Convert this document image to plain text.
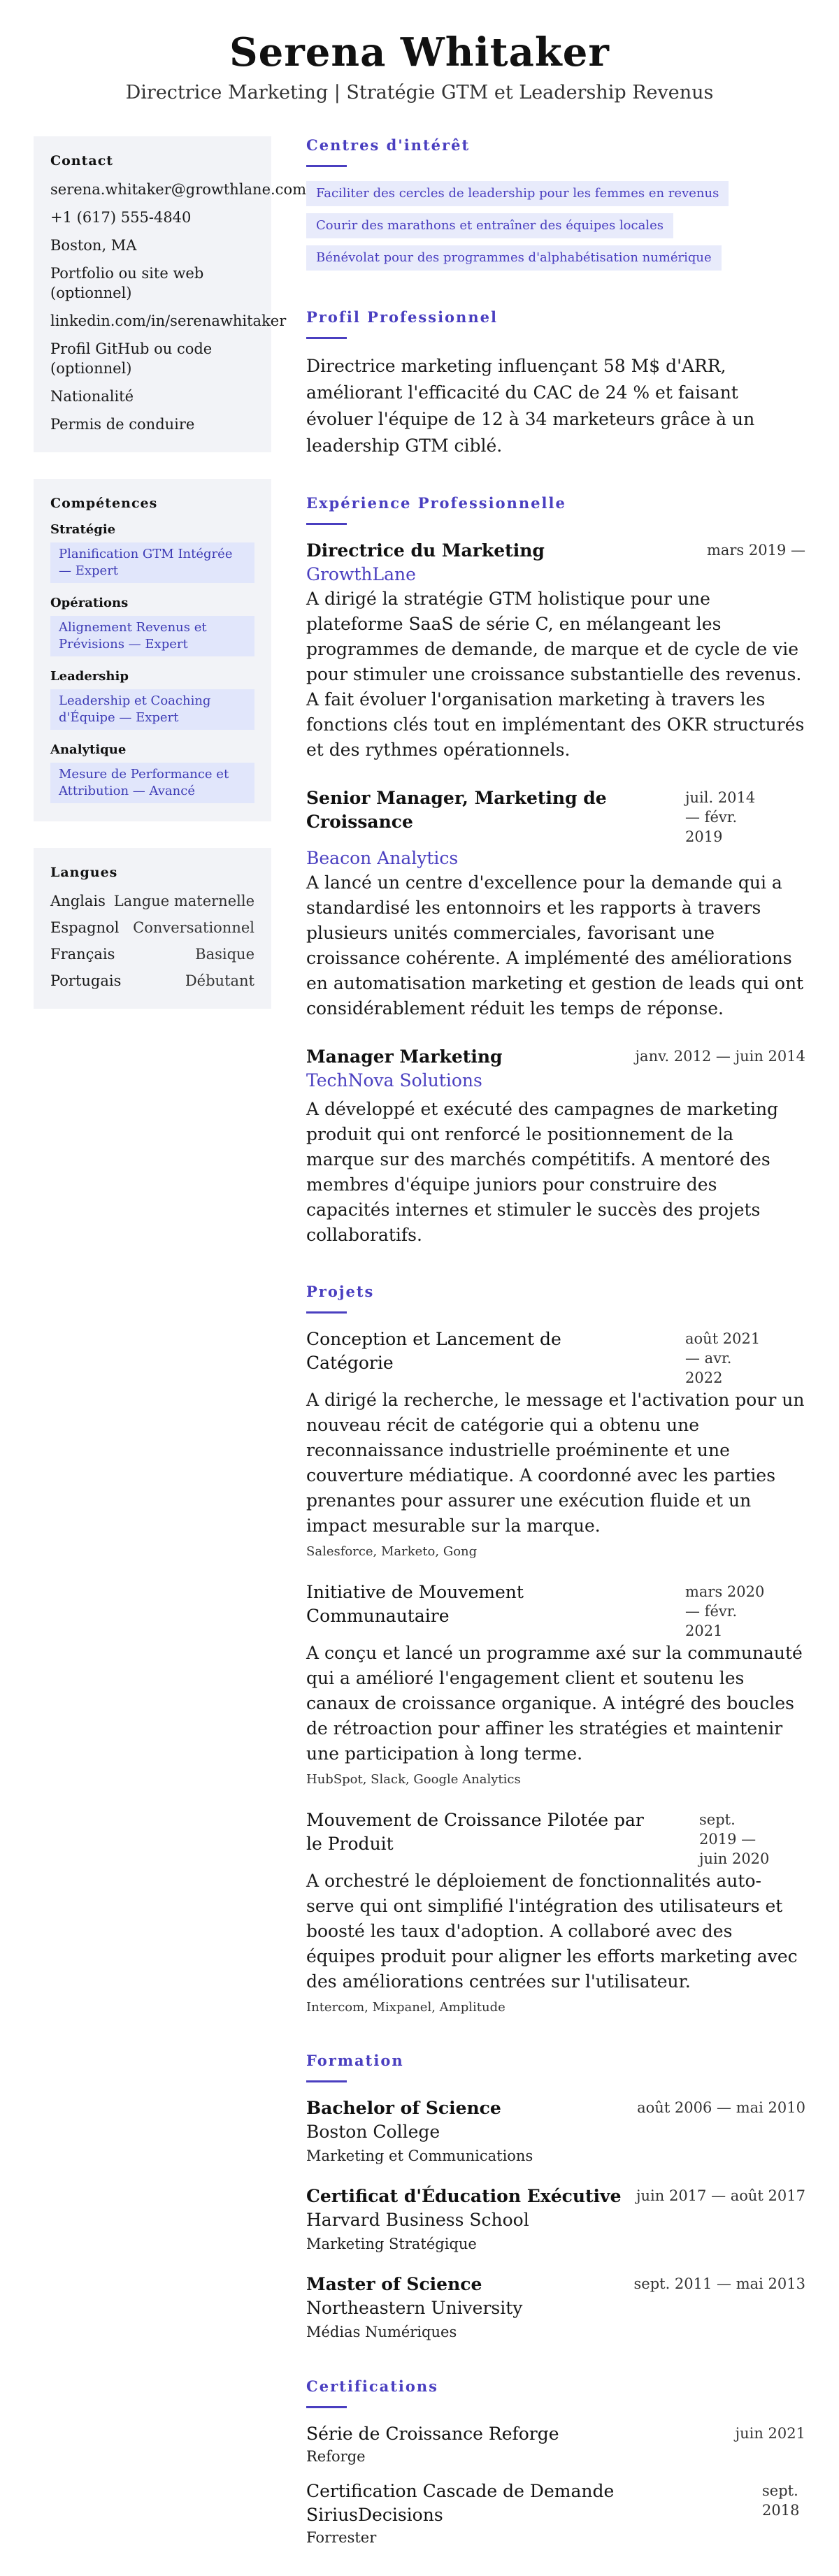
Serena Whitaker
Directrice Marketing | Stratégie GTM et Leadership Revenus
Contact
serena.whitaker@growthlane.com
+1 (617) 555-4840
Boston, MA
Portfolio ou site web (optionnel)
linkedin.com/in/serenawhitaker
Profil GitHub ou code (optionnel)
Nationalité
Permis de conduire
Compétences
Stratégie
Planification GTM Intégrée — Expert
Opérations
Alignement Revenus et Prévisions — Expert
Leadership
Leadership et Coaching d'Équipe — Expert
Analytique
Mesure de Performance et Attribution — Avancé
Langues
Anglais Langue maternelle
Espagnol Conversationnel
Français	Basique
Portugais	Débutant
Centres d'intérêt
Faciliter des cercles de leadership pour les femmes en revenus
Courir des marathons et entraîner des équipes locales
Bénévolat pour des programmes d'alphabétisation numérique
Profil Professionnel
Directrice marketing influençant 58 M$ d'ARR, améliorant l'efficacité du CAC de 24 % et faisant évoluer l'équipe de 12 à 34 marketeurs grâce à un leadership GTM ciblé.
Expérience Professionnelle
Directrice du Marketing	mars 2019 —
GrowthLane
A dirigé la stratégie GTM holistique pour une plateforme SaaS de série C, en mélangeant les programmes de demande, de marque et de cycle de vie pour stimuler une croissance substantielle des revenus. A fait évoluer l'organisation marketing à travers les fonctions clés tout en implémentant des OKR structurés et des rythmes opérationnels.
Senior Manager, Marketing de Croissance
juil. 2014 — févr. 2019
Beacon Analytics
A lancé un centre d'excellence pour la demande qui a standardisé les entonnoirs et les rapports à travers plusieurs unités commerciales, favorisant une croissance cohérente. A implémenté des améliorations en automatisation marketing et gestion de leads qui ont considérablement réduit les temps de réponse.
Manager Marketing	janv. 2012 — juin 2014
TechNova Solutions
A développé et exécuté des campagnes de marketing produit qui ont renforcé le positionnement de la marque sur des marchés compétitifs. A mentoré des membres d'équipe juniors pour construire des capacités internes et stimuler le succès des projets collaboratifs.
Projets
Conception et Lancement de Catégorie
août 2021 — avr. 2022
A dirigé la recherche, le message et l'activation pour un nouveau récit de catégorie qui a obtenu une reconnaissance industrielle proéminente et une couverture médiatique. A coordonné avec les parties prenantes pour assurer une exécution fluide et un impact mesurable sur la marque.
Salesforce, Marketo, Gong
Initiative de Mouvement Communautaire
mars 2020 — févr. 2021
A conçu et lancé un programme axé sur la communauté qui a amélioré l'engagement client et soutenu les canaux de croissance organique. A intégré des boucles de rétroaction pour affiner les stratégies et maintenir une participation à long terme.
HubSpot, Slack, Google Analytics
Mouvement de Croissance Pilotée par le Produit
sept. 2019 — juin 2020
A orchestré le déploiement de fonctionnalités auto-serve qui ont simplifié l'intégration des utilisateurs et boosté les taux d'adoption. A collaboré avec des équipes produit pour aligner les efforts marketing avec des améliorations centrées sur l'utilisateur.
Intercom, Mixpanel, Amplitude
Formation
Bachelor of Science	août 2006 — mai 2010
Boston College
Marketing et Communications
Certificat d'Éducation Exécutive juin 2017 — août 2017
Harvard Business School
Marketing Stratégique
Master of Science	sept. 2011 — mai 2013
Northeastern University
Médias Numériques
Certifications
Série de Croissance Reforge	juin 2021
Reforge
Certification Cascade de Demande SiriusDecisions
sept. 2018
Forrester
